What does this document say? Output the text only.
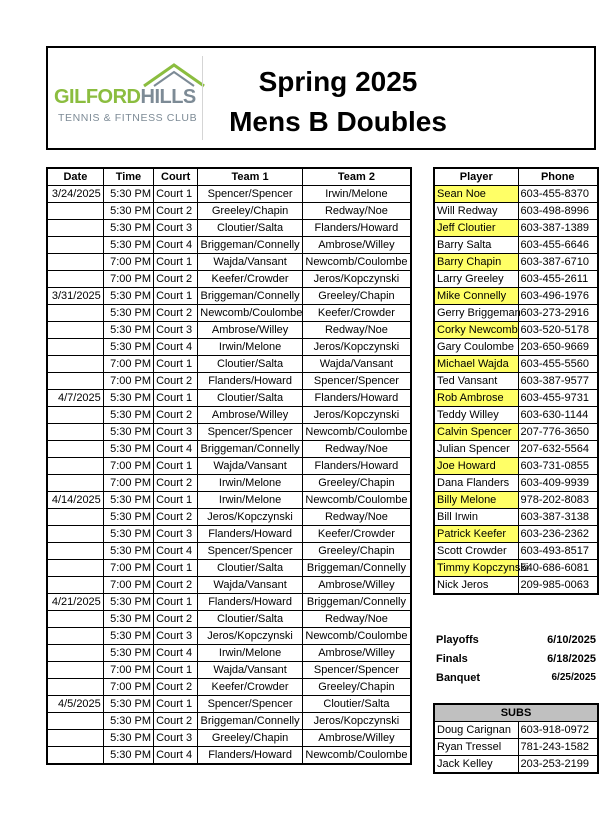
GILFORDHILLS
TENNIS & FITNESS CLUB
Spring 2025
Mens B Doubles
Date	Time	Court	Team 1	Team 2
3/24/2025	5:30 PM	Court 1	Spencer/Spencer	Irwin/Melone
	5:30 PM	Court 2	Greeley/Chapin	Redway/Noe
	5:30 PM	Court 3	Cloutier/Salta	Flanders/Howard
	5:30 PM	Court 4	Briggeman/Connelly	Ambrose/Willey
	7:00 PM	Court 1	Wajda/Vansant	Newcomb/Coulombe
	7:00 PM	Court 2	Keefer/Crowder	Jeros/Kopczynski
3/31/2025	5:30 PM	Court 1	Briggeman/Connelly	Greeley/Chapin
	5:30 PM	Court 2	Newcomb/Coulombe	Keefer/Crowder
	5:30 PM	Court 3	Ambrose/Willey	Redway/Noe
	5:30 PM	Court 4	Irwin/Melone	Jeros/Kopczynski
	7:00 PM	Court 1	Cloutier/Salta	Wajda/Vansant
	7:00 PM	Court 2	Flanders/Howard	Spencer/Spencer
4/7/2025	5:30 PM	Court 1	Cloutier/Salta	Flanders/Howard
	5:30 PM	Court 2	Ambrose/Willey	Jeros/Kopczynski
	5:30 PM	Court 3	Spencer/Spencer	Newcomb/Coulombe
	5:30 PM	Court 4	Briggeman/Connelly	Redway/Noe
	7:00 PM	Court 1	Wajda/Vansant	Flanders/Howard
	7:00 PM	Court 2	Irwin/Melone	Greeley/Chapin
4/14/2025	5:30 PM	Court 1	Irwin/Melone	Newcomb/Coulombe
	5:30 PM	Court 2	Jeros/Kopczynski	Redway/Noe
	5:30 PM	Court 3	Flanders/Howard	Keefer/Crowder
	5:30 PM	Court 4	Spencer/Spencer	Greeley/Chapin
	7:00 PM	Court 1	Cloutier/Salta	Briggeman/Connelly
	7:00 PM	Court 2	Wajda/Vansant	Ambrose/Willey
4/21/2025	5:30 PM	Court 1	Flanders/Howard	Briggeman/Connelly
	5:30 PM	Court 2	Cloutier/Salta	Redway/Noe
	5:30 PM	Court 3	Jeros/Kopczynski	Newcomb/Coulombe
	5:30 PM	Court 4	Irwin/Melone	Ambrose/Willey
	7:00 PM	Court 1	Wajda/Vansant	Spencer/Spencer
	7:00 PM	Court 2	Keefer/Crowder	Greeley/Chapin
4/5/2025	5:30 PM	Court 1	Spencer/Spencer	Cloutier/Salta
	5:30 PM	Court 2	Briggeman/Connelly	Jeros/Kopczynski
	5:30 PM	Court 3	Greeley/Chapin	Ambrose/Willey
	5:30 PM	Court 4	Flanders/Howard	Newcomb/Coulombe
Player	Phone
Sean Noe	603-455-8370
Will Redway	603-498-8996
Jeff Cloutier	603-387-1389
Barry Salta	603-455-6646
Barry Chapin	603-387-6710
Larry Greeley	603-455-2611
Mike Connelly	603-496-1976
Gerry Briggeman	603-273-2916
Corky Newcomb	603-520-5178
Gary Coulombe	203-650-9669
Michael Wajda	603-455-5560
Ted Vansant	603-387-9577
Rob Ambrose	603-455-9731
Teddy Willey	603-630-1144
Calvin Spencer	207-776-3650
Julian Spencer	207-632-5564
Joe Howard	603-731-0855
Dana Flanders	603-409-9939
Billy Melone	978-202-8083
Bill Irwin	603-387-3138
Patrick Keefer	603-236-2362
Scott Crowder	603-493-8517
Timmy Kopczynski	540-686-6081
Nick Jeros	209-985-0063
Playoffs	6/10/2025
Finals	6/18/2025
Banquet	6/25/2025
SUBS	
Doug Carignan	603-918-0972
Ryan Tressel	781-243-1582
Jack Kelley	203-253-2199
